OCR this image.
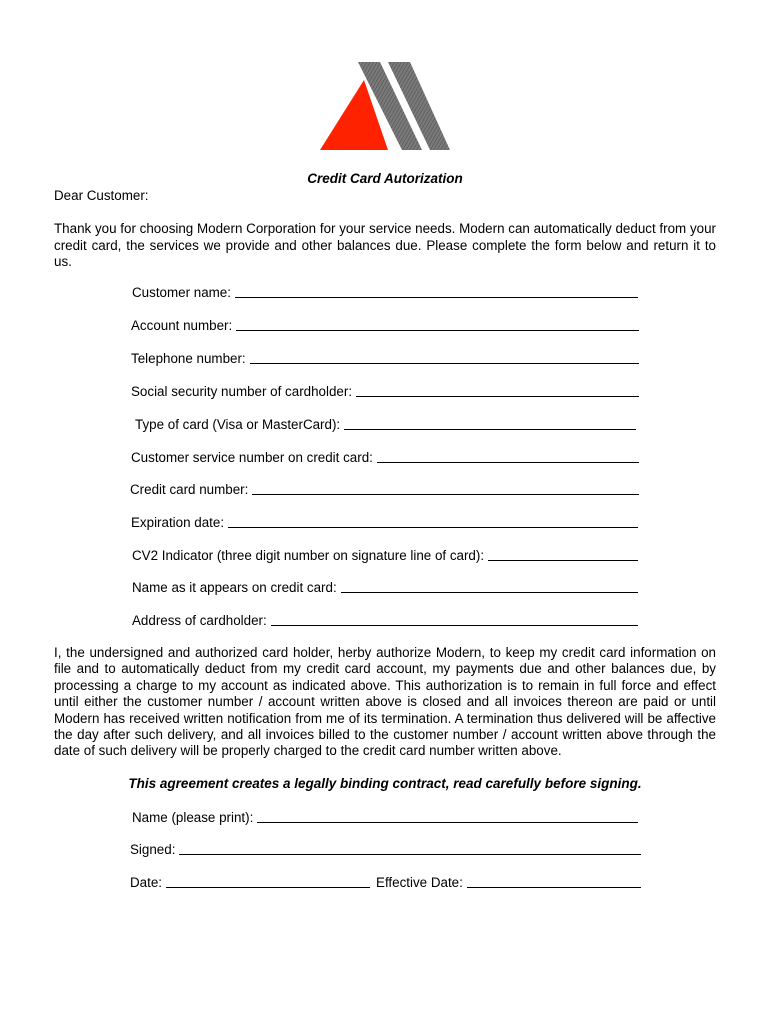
Credit Card Autorization
Dear Customer:
Thank you for choosing Modern Corporation for your service needs. Modern can automatically deduct from your credit card, the services we provide and other balances due. Please complete the form below and return it to us.
Customer name:
Account number:
Telephone number:
Social security number of cardholder:
Type of card (Visa or MasterCard):
Customer service number on credit card:
Credit card number:
Expiration date:
CV2 Indicator (three digit number on signature line of card):
Name as it appears on credit card:
Address of cardholder:
I, the undersigned and authorized card holder, herby authorize Modern, to keep my credit card information on file and to automatically deduct from my credit card account, my payments due and other balances due, by processing a charge to my account as indicated above. This authorization is to remain in full force and effect until either the customer number / account written above is closed and all invoices thereon are paid or until Modern has received written notification from me of its termination. A termination thus delivered will be affective the day after such delivery, and all invoices billed to the customer number / account written above through the date of such delivery will be properly charged to the credit card number written above.
This agreement creates a legally binding contract, read carefully before signing.
Name (please print):
Signed:
Date:	Effective Date:
